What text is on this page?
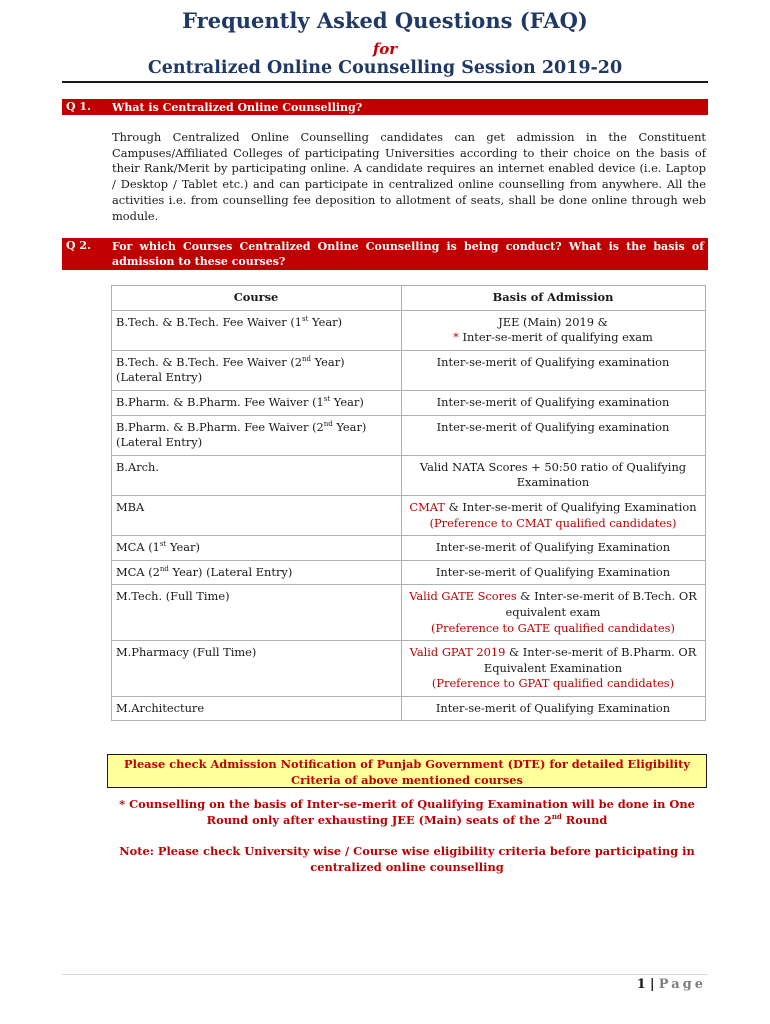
Frequently Asked Questions (FAQ)
for
Centralized Online Counselling Session 2019-20
Q 1. What is Centralized Online Counselling?
Through Centralized Online Counselling candidates can get admission in the Constituent Campuses/Affiliated Colleges of participating Universities according to their choice on the basis of their Rank/Merit by participating online. A candidate requires an internet enabled device (i.e. Laptop / Desktop / Tablet etc.) and can participate in centralized online counselling from anywhere. All the activities i.e. from counselling fee deposition to allotment of seats, shall be done online through web module.
Q 2. For which Courses Centralized Online Counselling is being conduct? What is the basis of admission to these courses?
Course	Basis of Admission
B.Tech. & B.Tech. Fee Waiver (1st Year)	JEE (Main) 2019 &
* Inter-se-merit of qualifying exam
B.Tech. & B.Tech. Fee Waiver (2nd Year)
(Lateral Entry)	Inter-se-merit of Qualifying examination
B.Pharm. & B.Pharm. Fee Waiver (1st Year)	Inter-se-merit of Qualifying examination
B.Pharm. & B.Pharm. Fee Waiver (2nd Year)
(Lateral Entry)	Inter-se-merit of Qualifying examination
B.Arch.	Valid NATA Scores + 50:50 ratio of Qualifying Examination
MBA	CMAT & Inter-se-merit of Qualifying Examination
(Preference to CMAT qualified candidates)
MCA (1st Year)	Inter-se-merit of Qualifying Examination
MCA (2nd Year) (Lateral Entry)	Inter-se-merit of Qualifying Examination
M.Tech. (Full Time)	Valid GATE Scores & Inter-se-merit of B.Tech. OR equivalent exam
(Preference to GATE qualified candidates)
M.Pharmacy (Full Time)	Valid GPAT 2019 & Inter-se-merit of B.Pharm. OR Equivalent Examination
(Preference to GPAT qualified candidates)
M.Architecture	Inter-se-merit of Qualifying Examination
Please check Admission Notification of Punjab Government (DTE) for detailed Eligibility Criteria of above mentioned courses
* Counselling on the basis of Inter-se-merit of Qualifying Examination will be done in One Round only after exhausting JEE (Main) seats of the 2nd Round
Note: Please check University wise / Course wise eligibility criteria before participating in centralized online counselling
1 | Page
